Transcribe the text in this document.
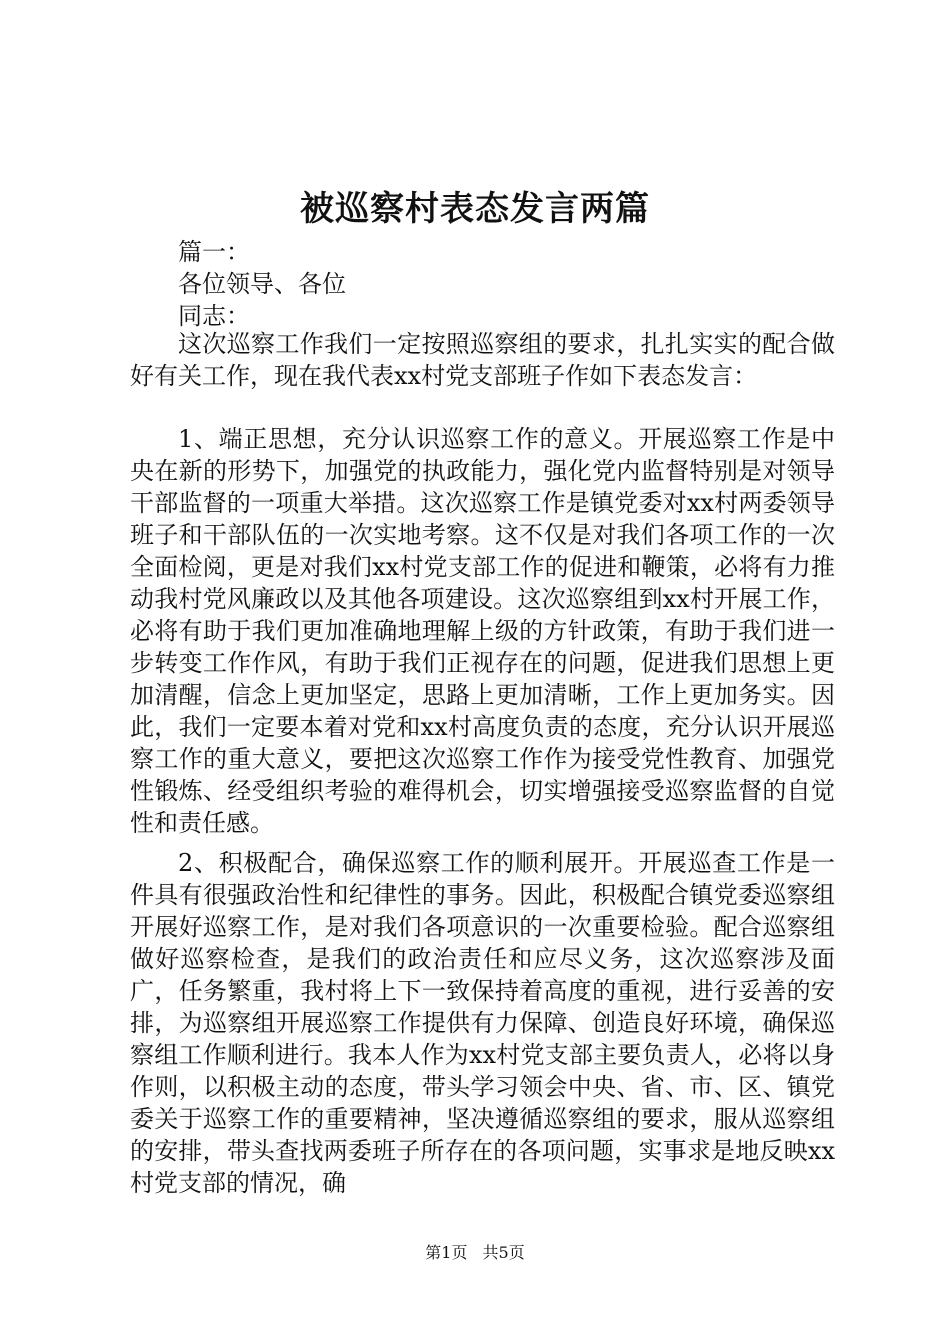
被巡察村表态发言两篇
篇一：
各位领导、各位
同志：
这次巡察工作我们一定按照巡察组的要求，扎扎实实的配合做好有关工作，现在我代表xx村党支部班子作如下表态发言：
1、端正思想，充分认识巡察工作的意义。开展巡察工作是中央在新的形势下，加强党的执政能力，强化党内监督特别是对领导干部监督的一项重大举措。这次巡察工作是镇党委对xx村两委领导班子和干部队伍的一次实地考察。这不仅是对我们各项工作的一次全面检阅，更是对我们xx村党支部工作的促进和鞭策，必将有力推动我村党风廉政以及其他各项建设。这次巡察组到xx村开展工作，必将有助于我们更加准确地理解上级的方针政策，有助于我们进一步转变工作作风，有助于我们正视存在的问题，促进我们思想上更加清醒，信念上更加坚定，思路上更加清晰，工作上更加务实。因此，我们一定要本着对党和xx村高度负责的态度，充分认识开展巡察工作的重大意义，要把这次巡察工作作为接受党性教育、加强党性锻炼、经受组织考验的难得机会，切实增强接受巡察监督的自觉性和责任感。
2、积极配合，确保巡察工作的顺利展开。开展巡查工作是一件具有很强政治性和纪律性的事务。因此，积极配合镇党委巡察组开展好巡察工作，是对我们各项意识的一次重要检验。配合巡察组做好巡察检查，是我们的政治责任和应尽义务，这次巡察涉及面广，任务繁重，我村将上下一致保持着高度的重视，进行妥善的安排，为巡察组开展巡察工作提供有力保障、创造良好环境，确保巡察组工作顺利进行。我本人作为xx村党支部主要负责人，必将以身作则，以积极主动的态度，带头学习领会中央、省、市、区、镇党委关于巡察工作的重要精神，坚决遵循巡察组的要求，服从巡察组的安排，带头查找两委班子所存在的各项问题，实事求是地反映xx村党支部的情况，确
第1页 共5页
